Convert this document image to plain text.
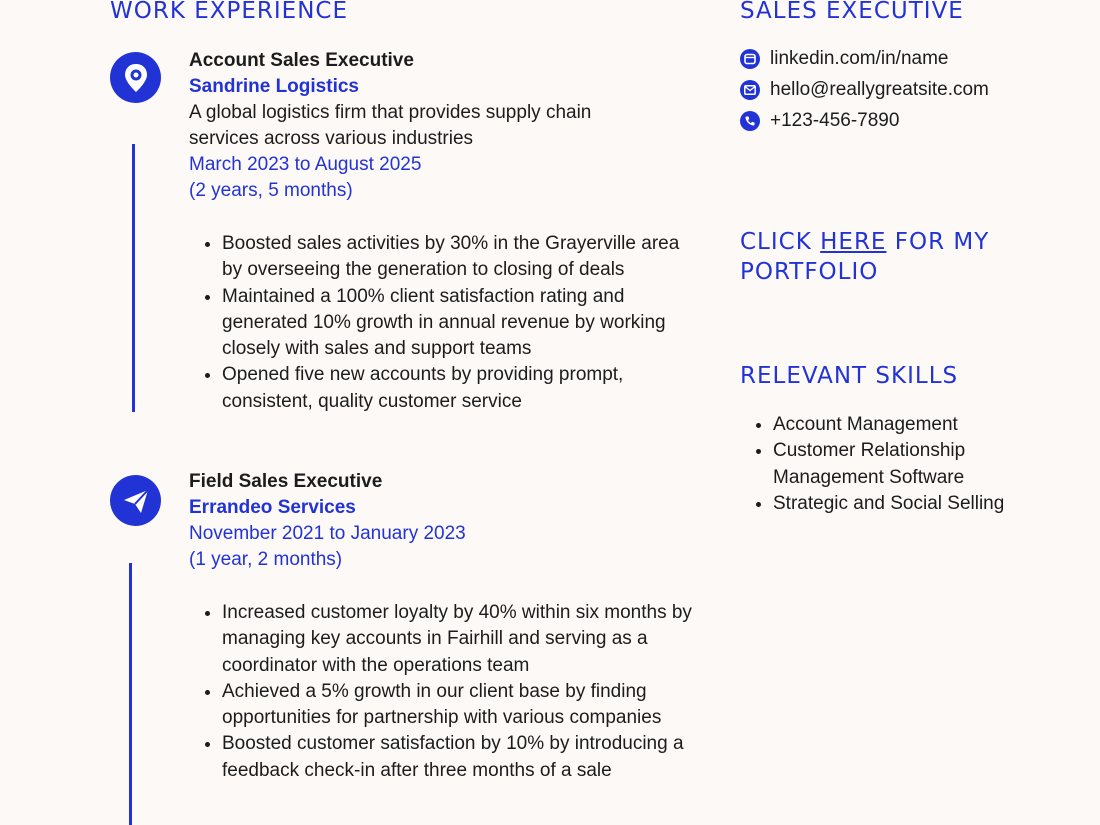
WORK EXPERIENCE
Account Sales Executive
Sandrine Logistics
A global logistics firm that provides supply chain services across various industries
March 2023 to August 2025
(2 years, 5 months)
• Boosted sales activities by 30% in the Grayerville area by overseeing the generation to closing of deals
• Maintained a 100% client satisfaction rating and generated 10% growth in annual revenue by working closely with sales and support teams
• Opened five new accounts by providing prompt, consistent, quality customer service
Field Sales Executive
Errandeo Services
November 2021 to January 2023
(1 year, 2 months)
• Increased customer loyalty by 40% within six months by managing key accounts in Fairhill and serving as a coordinator with the operations team
• Achieved a 5% growth in our client base by finding opportunities for partnership with various companies
• Boosted customer satisfaction by 10% by introducing a feedback check-in after three months of a sale
SALES EXECUTIVE
linkedin.com/in/name
hello@reallygreatsite.com
+123-456-7890
CLICK HERE FOR MY PORTFOLIO
RELEVANT SKILLS
• Account Management
• Customer Relationship Management Software
• Strategic and Social Selling
